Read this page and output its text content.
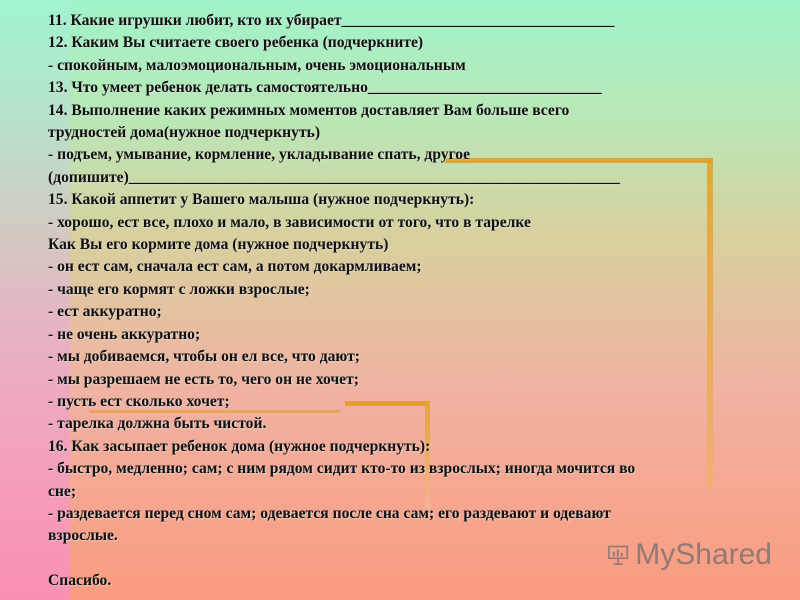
11. Какие игрушки любит, кто их убирает___________________________________
12. Каким Вы считаете своего ребенка (подчеркните)
- спокойным, малоэмоциональным, очень эмоциональным
13. Что умеет ребенок делать самостоятельно______________________________
14. Выполнение каких режимных моментов доставляет Вам больше всего
трудностей дома(нужное подчеркнуть)
- подъем, умывание, кормление, укладывание спать, другое
(допишите)_______________________________________________________________
15. Какой аппетит у Вашего малыша (нужное подчеркнуть):
- хорошо, ест все, плохо и мало, в зависимости от того, что в тарелке
Как Вы его кормите дома (нужное подчеркнуть)
- он ест сам, сначала ест сам, а потом докармливаем;
- чаще его кормят с ложки взрослые;
- ест аккуратно;
- не очень аккуратно;
- мы добиваемся, чтобы он ел все, что дают;
- мы разрешаем не есть то, чего он не хочет;
- пусть ест сколько хочет;
- тарелка должна быть чистой.
16. Как засыпает ребенок дома (нужное подчеркнуть):
- быстро, медленно; сам; с ним рядом сидит кто-то из взрослых; иногда мочится во
сне;
- раздевается перед сном сам; одевается после сна сам; его раздевают и одевают
взрослые.
Спасибо.
MyShared
